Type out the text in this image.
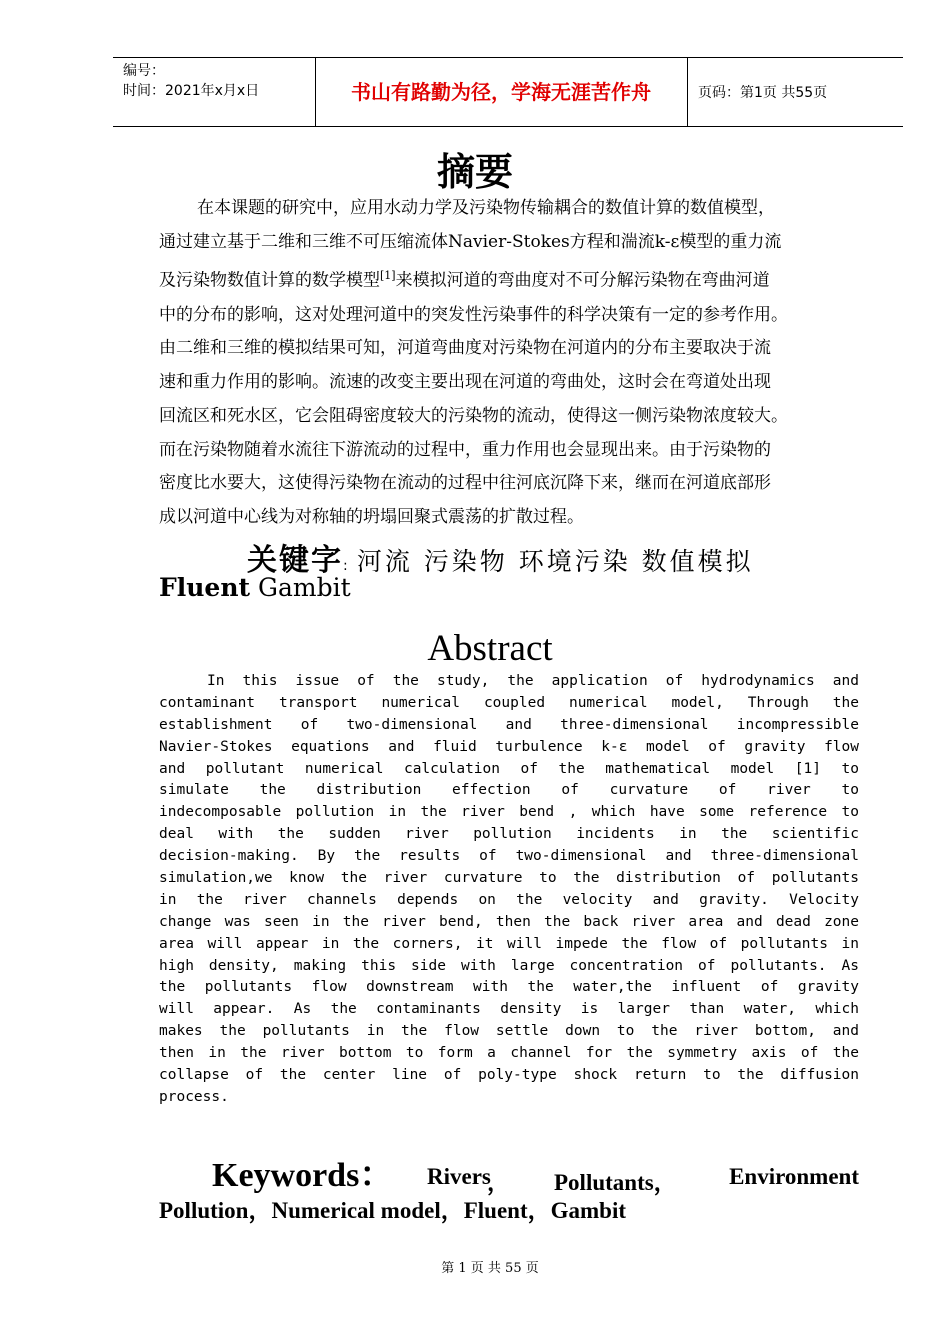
编号：
时间：2021年x月x日	书山有路勤为径，学海无涯苦作舟	页码：第1页 共55页
摘要
在本课题的研究中，应用水动力学及污染物传输耦合的数值计算的数值模型，
通过建立基于二维和三维不可压缩流体Navier-Stokes方程和湍流k-ε模型的重力流
及污染物数值计算的数学模型[1]来模拟河道的弯曲度对不可分解污染物在弯曲河道
中的分布的影响，这对处理河道中的突发性污染事件的科学决策有一定的参考作用。
由二维和三维的模拟结果可知，河道弯曲度对污染物在河道内的分布主要取决于流
速和重力作用的影响。流速的改变主要出现在河道的弯曲处，这时会在弯道处出现
回流区和死水区，它会阻碍密度较大的污染物的流动，使得这一侧污染物浓度较大。
而在污染物随着水流往下游流动的过程中，重力作用也会显现出来。由于污染物的
密度比水要大，这使得污染物在流动的过程中往河底沉降下来，继而在河道底部形
成以河道中心线为对称轴的坍塌回聚式震荡的扩散过程。
关键字: 河流 污染物 环境污染 数值模拟
Fluent Gambit
Abstract
In this issue of the study, the application of hydrodynamics and
contaminant transport numerical coupled numerical model, Through the
establishment of two-dimensional and three-dimensional incompressible
Navier-Stokes equations and fluid turbulence k-ε model of gravity flow
and pollutant numerical calculation of the mathematical model [1] to
simulate the distribution effection of curvature of river to
indecomposable pollution in the river bend , which have some reference to
deal with the sudden river pollution incidents in the scientific
decision-making. By the results of two-dimensional and three-dimensional
simulation,we know the river curvature to the distribution of pollutants
in the river channels depends on the velocity and gravity. Velocity
change was seen in the river bend, then the back river area and dead zone
area will appear in the corners, it will impede the flow of pollutants in
high density, making this side with large concentration of pollutants. As
the pollutants flow downstream with the water,the influent of gravity
will appear. As the contaminants density is larger than water, which
makes the pollutants in the flow settle down to the river bottom, and
then in the river bottom to form a channel for the symmetry axis of the
collapse of the center line of poly-type shock return to the diffusion
process.
Keywords： Rivers
， Pollutants， Environment
Pollution，Numerical model，Fluent，Gambit
第 1 页 共 55 页
